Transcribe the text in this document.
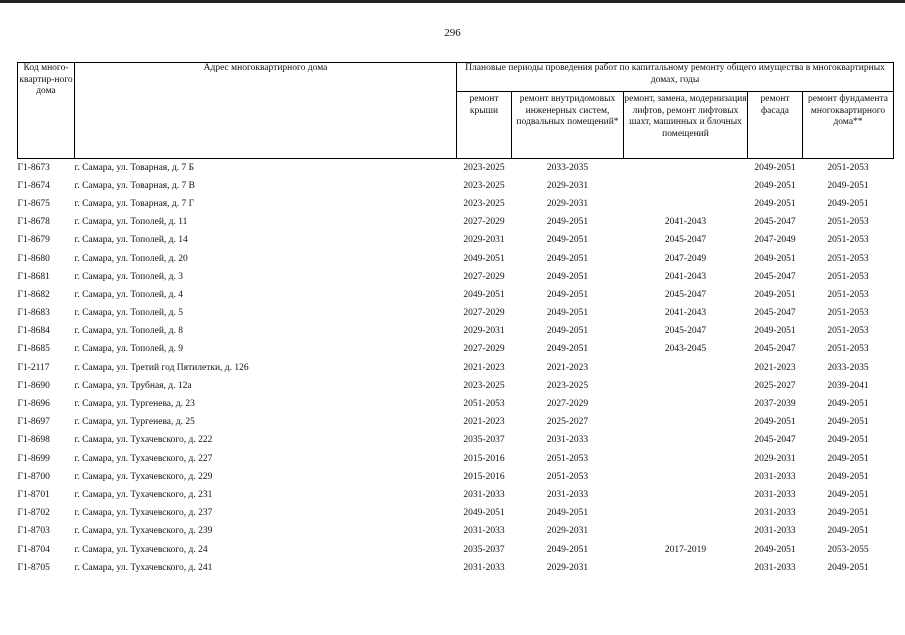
296
Код много-квартир-ного дома	Адрес многоквартирного дома	Плановые периоды проведения работ по капитальному ремонту общего имущества в многоквартирных домах, годы				
		ремонт крыши	ремонт внутридомовых инженерных систем, подвальных помещений*	ремонт, замена, модернизация лифтов, ремонт лифтовых шахт, машинных и блочных помещений	ремонт фасада	ремонт фундамента многоквартирного дома**
Г1-8673	г. Самара, ул. Товарная, д. 7 Б	2023-2025	2033-2035		2049-2051	2051-2053
Г1-8674	г. Самара, ул. Товарная, д. 7 В	2023-2025	2029-2031		2049-2051	2049-2051
Г1-8675	г. Самара, ул. Товарная, д. 7 Г	2023-2025	2029-2031		2049-2051	2049-2051
Г1-8678	г. Самара, ул. Тополей, д. 11	2027-2029	2049-2051	2041-2043	2045-2047	2051-2053
Г1-8679	г. Самара, ул. Тополей, д. 14	2029-2031	2049-2051	2045-2047	2047-2049	2051-2053
Г1-8680	г. Самара, ул. Тополей, д. 20	2049-2051	2049-2051	2047-2049	2049-2051	2051-2053
Г1-8681	г. Самара, ул. Тополей, д. 3	2027-2029	2049-2051	2041-2043	2045-2047	2051-2053
Г1-8682	г. Самара, ул. Тополей, д. 4	2049-2051	2049-2051	2045-2047	2049-2051	2051-2053
Г1-8683	г. Самара, ул. Тополей, д. 5	2027-2029	2049-2051	2041-2043	2045-2047	2051-2053
Г1-8684	г. Самара, ул. Тополей, д. 8	2029-2031	2049-2051	2045-2047	2049-2051	2051-2053
Г1-8685	г. Самара, ул. Тополей, д. 9	2027-2029	2049-2051	2043-2045	2045-2047	2051-2053
Г1-2117	г. Самара, ул. Третий год Пятилетки, д. 126	2021-2023	2021-2023		2021-2023	2033-2035
Г1-8690	г. Самара, ул. Трубная, д. 12а	2023-2025	2023-2025		2025-2027	2039-2041
Г1-8696	г. Самара, ул. Тургенева, д. 23	2051-2053	2027-2029		2037-2039	2049-2051
Г1-8697	г. Самара, ул. Тургенева, д. 25	2021-2023	2025-2027		2049-2051	2049-2051
Г1-8698	г. Самара, ул. Тухачевского, д. 222	2035-2037	2031-2033		2045-2047	2049-2051
Г1-8699	г. Самара, ул. Тухачевского, д. 227	2015-2016	2051-2053		2029-2031	2049-2051
Г1-8700	г. Самара, ул. Тухачевского, д. 229	2015-2016	2051-2053		2031-2033	2049-2051
Г1-8701	г. Самара, ул. Тухачевского, д. 231	2031-2033	2031-2033		2031-2033	2049-2051
Г1-8702	г. Самара, ул. Тухачевского, д. 237	2049-2051	2049-2051		2031-2033	2049-2051
Г1-8703	г. Самара, ул. Тухачевского, д. 239	2031-2033	2029-2031		2031-2033	2049-2051
Г1-8704	г. Самара, ул. Тухачевского, д. 24	2035-2037	2049-2051	2017-2019	2049-2051	2053-2055
Г1-8705	г. Самара, ул. Тухачевского, д. 241	2031-2033	2029-2031		2031-2033	2049-2051
